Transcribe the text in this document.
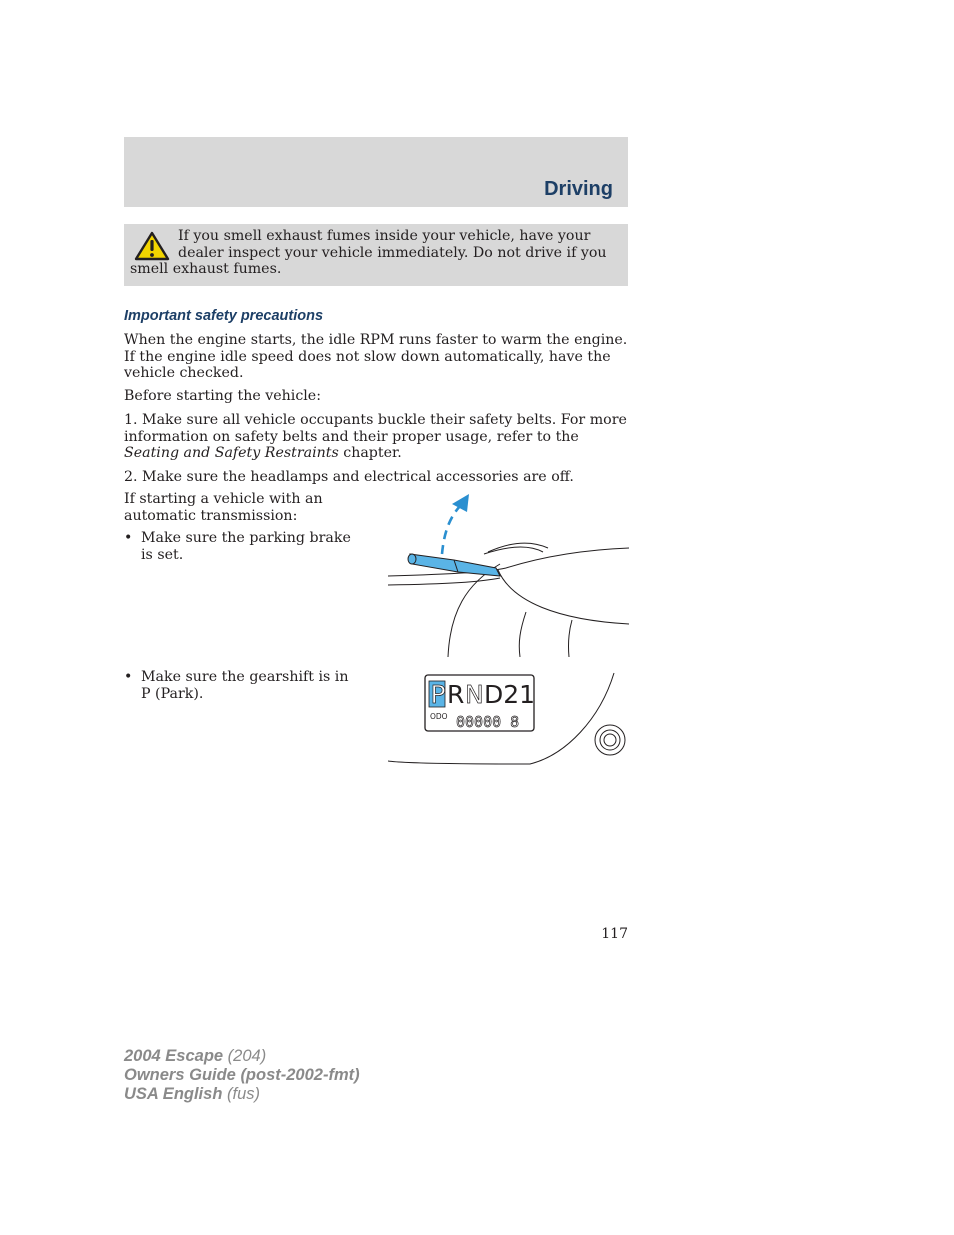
Driving
If you smell exhaust fumes inside your vehicle, have your dealer inspect your vehicle immediately. Do not drive if you smell exhaust fumes.
Important safety precautions

When the engine starts, the idle RPM runs faster to warm the engine. If the engine idle speed does not slow down automatically, have the vehicle checked.

Before starting the vehicle:

1. Make sure all vehicle occupants buckle their safety belts. For more information on safety belts and their proper usage, refer to the Seating and Safety Restraints chapter.

2. Make sure the headlamps and electrical accessories are off.

If starting a vehicle with an automatic transmission:

• Make sure the parking brake is set.
• Make sure the gearshift is in P (Park).	P R N D21
ODO 00000 8
117
2004 Escape (204)
Owners Guide (post-2002-fmt)
USA English (fus)
